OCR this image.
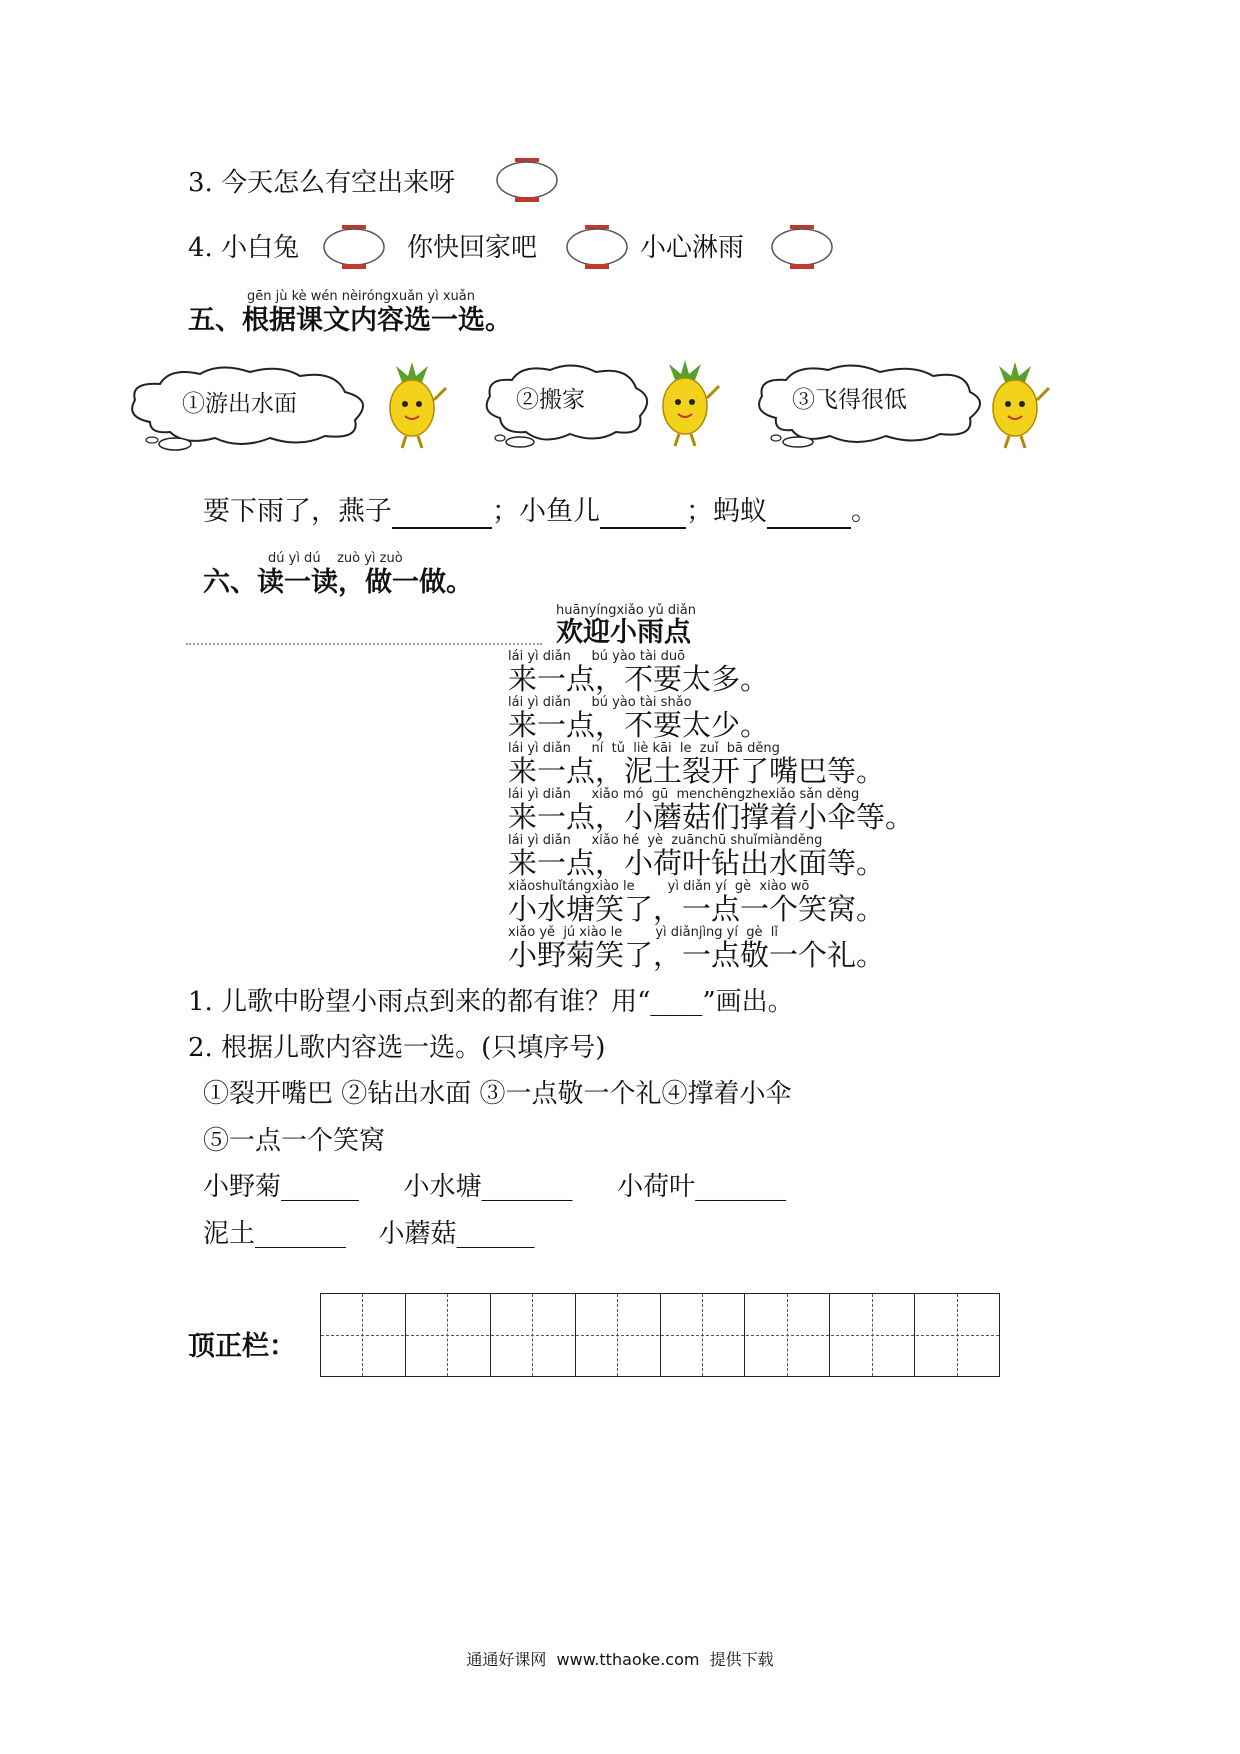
3. 今天怎么有空出来呀
4. 小白兔	你快回家吧	小心淋雨
gēn jù kè wén nèiróngxuǎn yì xuǎn
五、根据课文内容选一选。
①游出水面	②搬家	③飞得很低
要下雨了，燕子	；小鱼儿	；蚂蚁	。
dú yì dú    zuò yì zuò
六、读一读，做一做。
huānyíngxiǎo yǔ diǎn
欢迎小雨点
lái yì diǎn     bú yào tài duō
来一点，不要太多。
lái yì diǎn     bú yào tài shǎo
来一点，不要太少。
lái yì diǎn     ní  tǔ  liè kāi  le  zuǐ  bā děng
来一点，泥土裂开了嘴巴等。
lái yì diǎn     xiǎo mó  gū  menchēngzhexiǎo sǎn děng
来一点，小蘑菇们撑着小伞等。
lái yì diǎn     xiǎo hé  yè  zuānchū shuǐmiànděng
来一点，小荷叶钻出水面等。
xiǎoshuǐtángxiào le        yì diǎn yí  gè  xiào wō
小水塘笑了，一点一个笑窝。
xiǎo yě  jú xiào le        yì diǎnjìng yí  gè  lǐ
小野菊笑了，一点敬一个礼。
1. 儿歌中盼望小雨点到来的都有谁？用“____”画出。
2. 根据儿歌内容选一选。(只填序号)
①裂开嘴巴 ②钻出水面 ③一点敬一个礼④撑着小伞
⑤一点一个笑窝
小野菊______ 小水塘_______ 小荷叶_______
泥土_______ 小蘑菇______
顶正栏：
通通好课网  www.tthaoke.com  提供下载
